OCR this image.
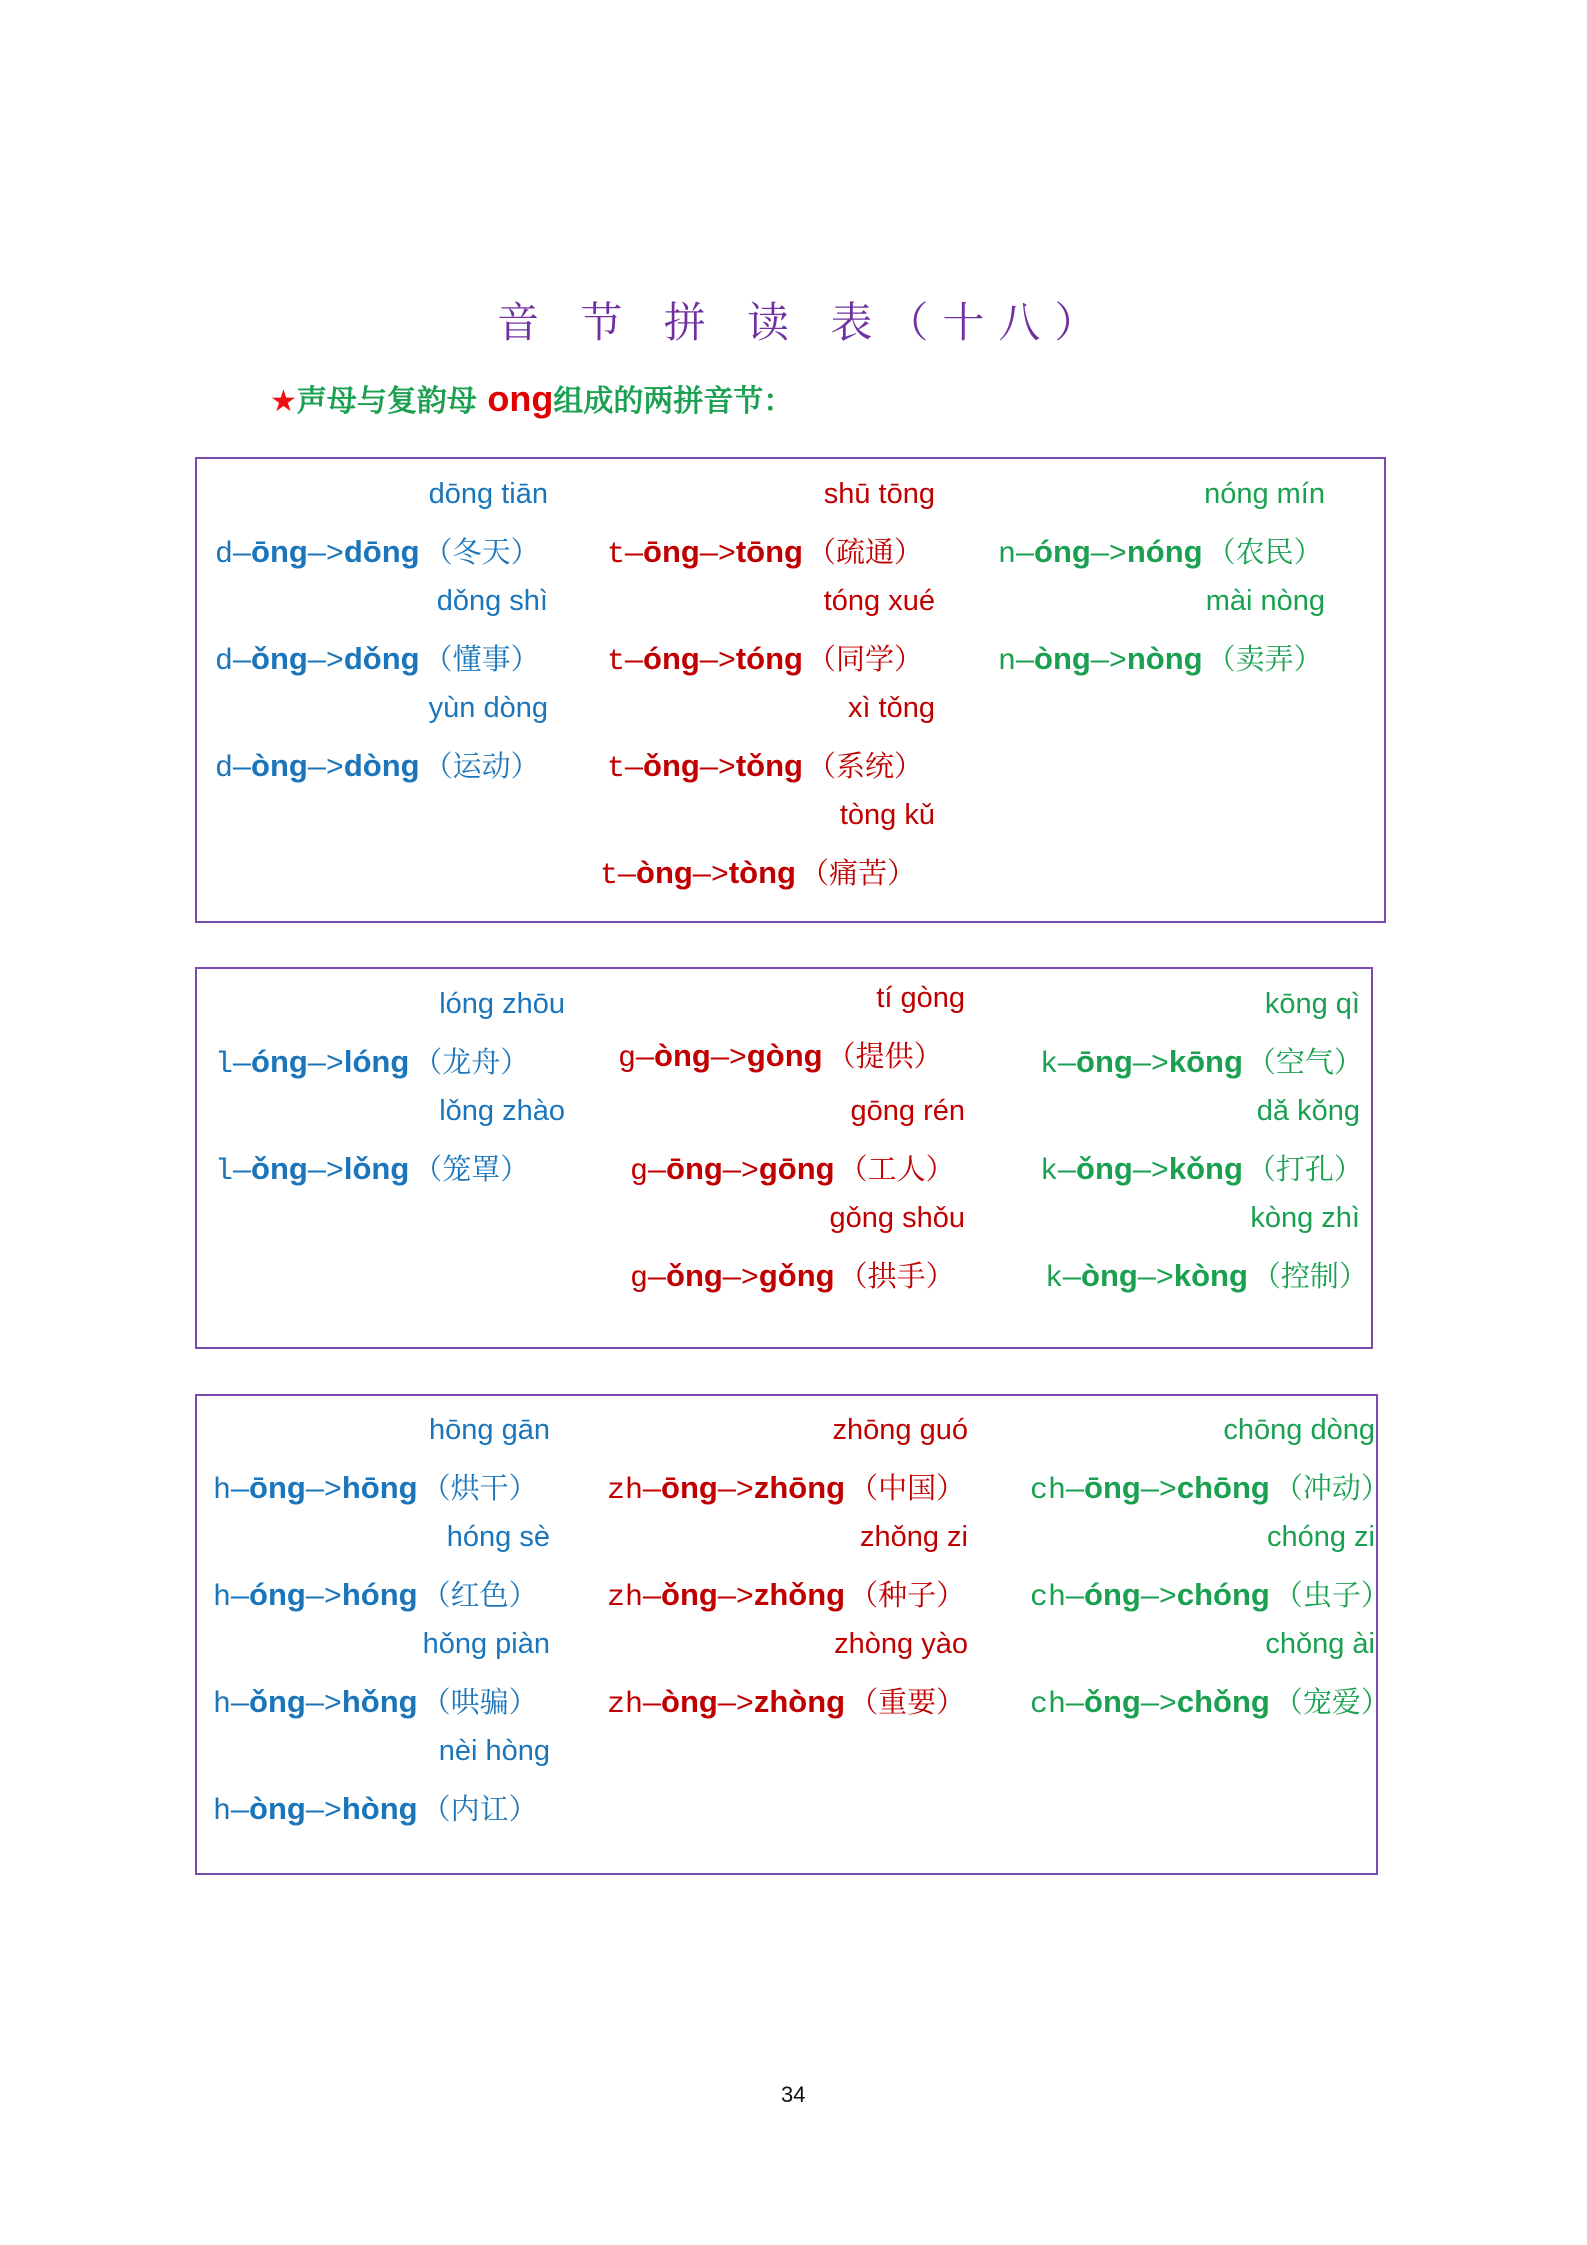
音 节 拼 读 表（十八）
★声母与复韵母 ong组成的两拼音节：
dōng tiān
d—ōng—>dōng （冬天）
dǒng shì
d—ǒng—>dǒng （懂事）
yùn dòng
d—òng—>dòng （运动）
shū tōng
t—ōng—>tōng （疏通）
tóng xué
t—óng—>tóng （同学）
xì tǒng
t—ǒng—>tǒng （系统）
tòng kǔ
t—òng—>tòng （痛苦）
nóng mín
n—óng—>nóng （农民）
mài nòng
n—òng—>nòng （卖弄）
lóng zhōu
l—óng—>lóng （龙舟）
lǒng zhào
l—ǒng—>lǒng （笼罩）
tí gòng
g—òng—>gòng （提供）
gōng rén
g—ōng—>gōng （工人）
gǒng shǒu
g—ǒng—>gǒng （拱手）
kōng qì
k—ōng—>kōng （空气）
dǎ kǒng
k—ǒng—>kǒng （打孔）
kòng zhì
k—òng—>kòng （控制）
hōng gān
h—ōng—>hōng （烘干）
hóng sè
h—óng—>hóng （红色）
hǒng piàn
h—ǒng—>hǒng （哄骗）
nèi hòng
h—òng—>hòng （内讧）
zhōng guó
zh—ōng—>zhōng （中国）
zhǒng zi
zh—ǒng—>zhǒng （种子）
zhòng yào
zh—òng—>zhòng （重要）
chōng dòng
ch—ōng—>chōng （冲动）
chóng zi
ch—óng—>chóng （虫子）
chǒng ài
ch—ǒng—>chǒng （宠爱）
34
